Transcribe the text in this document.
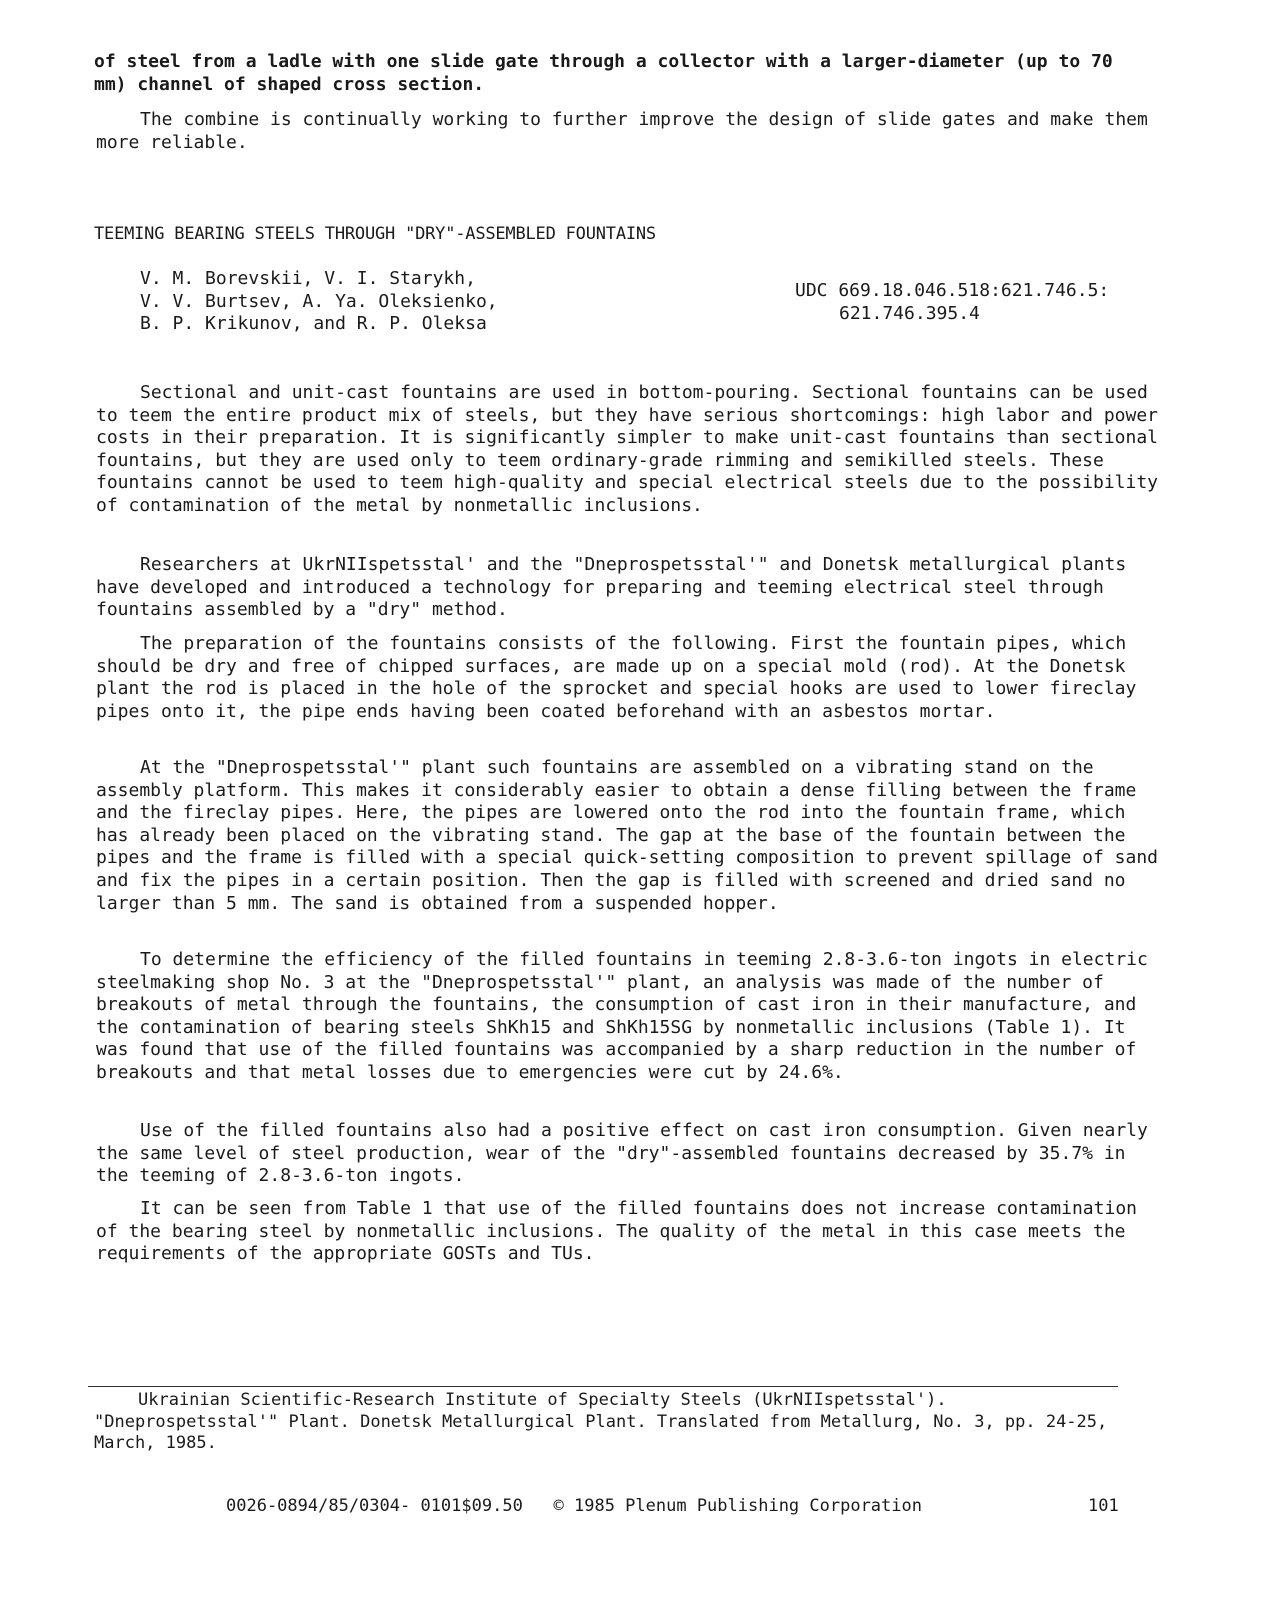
of steel from a ladle with one slide gate through a collector with a larger-diameter (up to 70 mm) channel of shaped cross section.

The combine is continually working to further improve the design of slide gates and make them more reliable.

TEEMING BEARING STEELS THROUGH "DRY"-ASSEMBLED FOUNTAINS
V. M. Borevskii, V. I. Starykh,
V. V. Burtsev, A. Ya. Oleksienko,
B. P. Krikunov, and R. P. Oleksa
UDC 669.18.046.518:621.746.5:
621.746.395.4

Sectional and unit-cast fountains are used in bottom-pouring. Sectional fountains can be used to teem the entire product mix of steels, but they have serious shortcomings: high labor and power costs in their preparation. It is significantly simpler to make unit-cast fountains than sectional fountains, but they are used only to teem ordinary-grade rimming and semikilled steels. These fountains cannot be used to teem high-quality and special electrical steels due to the possibility of contamination of the metal by nonmetallic inclusions.

Researchers at UkrNIIspetsstal' and the "Dneprospetsstal'" and Donetsk metallurgical plants have developed and introduced a technology for preparing and teeming electrical steel through fountains assembled by a "dry" method.

The preparation of the fountains consists of the following. First the fountain pipes, which should be dry and free of chipped surfaces, are made up on a special mold (rod). At the Donetsk plant the rod is placed in the hole of the sprocket and special hooks are used to lower fireclay pipes onto it, the pipe ends having been coated beforehand with an asbestos mortar.

At the "Dneprospetsstal'" plant such fountains are assembled on a vibrating stand on the assembly platform. This makes it considerably easier to obtain a dense filling between the frame and the fireclay pipes. Here, the pipes are lowered onto the rod into the fountain frame, which has already been placed on the vibrating stand. The gap at the base of the fountain between the pipes and the frame is filled with a special quick-setting composition to prevent spillage of sand and fix the pipes in a certain position. Then the gap is filled with screened and dried sand no larger than 5 mm. The sand is obtained from a suspended hopper.

To determine the efficiency of the filled fountains in teeming 2.8-3.6-ton ingots in electric steelmaking shop No. 3 at the "Dneprospetsstal'" plant, an analysis was made of the number of breakouts of metal through the fountains, the consumption of cast iron in their manufacture, and the contamination of bearing steels ShKh15 and ShKh15SG by nonmetallic inclusions (Table 1). It was found that use of the filled fountains was accompanied by a sharp reduction in the number of breakouts and that metal losses due to emergencies were cut by 24.6%.

Use of the filled fountains also had a positive effect on cast iron consumption. Given nearly the same level of steel production, wear of the "dry"-assembled fountains decreased by 35.7% in the teeming of 2.8-3.6-ton ingots.

It can be seen from Table 1 that use of the filled fountains does not increase contamination of the bearing steel by nonmetallic inclusions. The quality of the metal in this case meets the requirements of the appropriate GOSTs and TUs.

Ukrainian Scientific-Research Institute of Specialty Steels (UkrNIIspetsstal').
"Dneprospetsstal'" Plant. Donetsk Metallurgical Plant. Translated from Metallurg, No. 3, pp. 24-25, March, 1985.
0026-0894/85/0304- 0101$09.50 © 1985 Plenum Publishing Corporation	101
